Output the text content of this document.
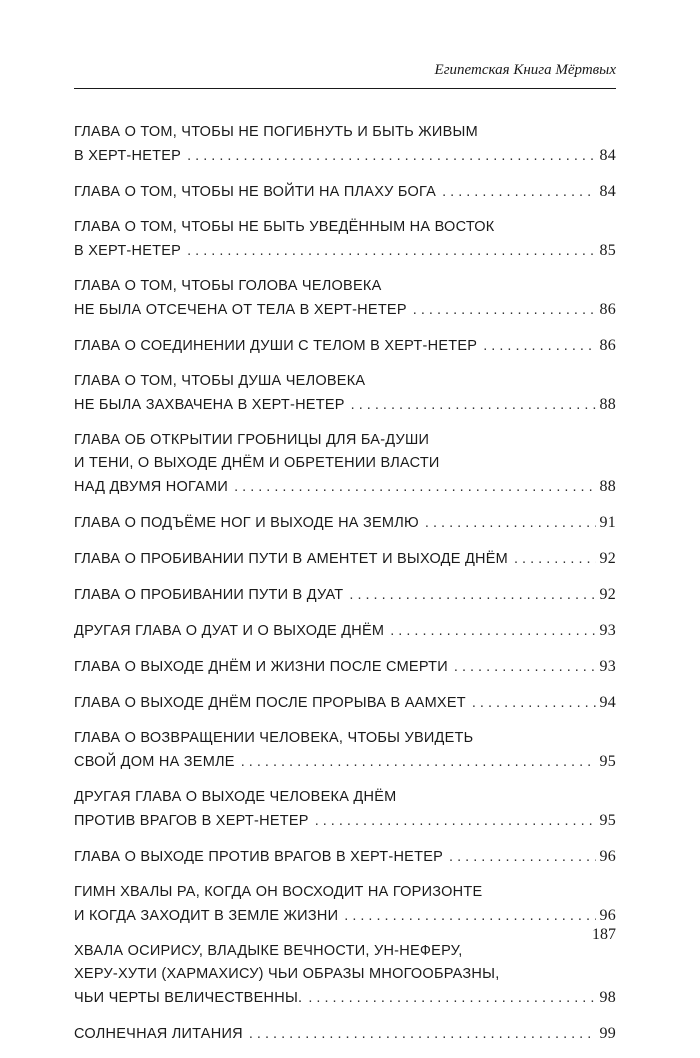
Египетская Книга Мёртвых
ГЛАВА О ТОМ, ЧТОБЫ НЕ ПОГИБНУТЬ И БЫТЬ ЖИВЫМ
В ХЕРТ-НЕТЕР . . .	84
ГЛАВА О ТОМ, ЧТОБЫ НЕ ВОЙТИ НА ПЛАХУ БОГА . . .	84
ГЛАВА О ТОМ, ЧТОБЫ НЕ БЫТЬ УВЕДЁННЫМ НА ВОСТОК
В ХЕРТ-НЕТЕР . . .	85
ГЛАВА О ТОМ, ЧТОБЫ ГОЛОВА ЧЕЛОВЕКА
НЕ БЫЛА ОТСЕЧЕНА ОТ ТЕЛА В ХЕРТ-НЕТЕР . . .	86
ГЛАВА О СОЕДИНЕНИИ ДУШИ С ТЕЛОМ В ХЕРТ-НЕТЕР . . .	86
ГЛАВА О ТОМ, ЧТОБЫ ДУША ЧЕЛОВЕКА
НЕ БЫЛА ЗАХВАЧЕНА В ХЕРТ-НЕТЕР . . .	88
ГЛАВА ОБ ОТКРЫТИИ ГРОБНИЦЫ ДЛЯ БА-ДУШИ
И ТЕНИ, О ВЫХОДЕ ДНЁМ И ОБРЕТЕНИИ ВЛАСТИ
НАД ДВУМЯ НОГАМИ . . .	88
ГЛАВА О ПОДЪЁМЕ НОГ И ВЫХОДЕ НА ЗЕМЛЮ . . .	91
ГЛАВА О ПРОБИВАНИИ ПУТИ В АМЕНТЕТ И ВЫХОДЕ ДНЁМ . . .	92
ГЛАВА О ПРОБИВАНИИ ПУТИ В ДУАТ . . .	92
ДРУГАЯ ГЛАВА О ДУАТ И О ВЫХОДЕ ДНЁМ . . .	93
ГЛАВА О ВЫХОДЕ ДНЁМ И ЖИЗНИ ПОСЛЕ СМЕРТИ . . .	93
ГЛАВА О ВЫХОДЕ ДНЁМ ПОСЛЕ ПРОРЫВА В ААМХЕТ . . .	94
ГЛАВА О ВОЗВРАЩЕНИИ ЧЕЛОВЕКА, ЧТОБЫ УВИДЕТЬ
СВОЙ ДОМ НА ЗЕМЛЕ . . .	95
ДРУГАЯ ГЛАВА О ВЫХОДЕ ЧЕЛОВЕКА ДНЁМ
ПРОТИВ ВРАГОВ В ХЕРТ-НЕТЕР . . .	95
ГЛАВА О ВЫХОДЕ ПРОТИВ ВРАГОВ В ХЕРТ-НЕТЕР . . .	96
ГИМН ХВАЛЫ РА, КОГДА ОН ВОСХОДИТ НА ГОРИЗОНТЕ
И КОГДА ЗАХОДИТ В ЗЕМЛЕ ЖИЗНИ . . .	96
ХВАЛА ОСИРИСУ, ВЛАДЫКЕ ВЕЧНОСТИ, УН-НЕФЕРУ,
ХЕРУ-ХУТИ (ХАРМАХИСУ) ЧЬИ ОБРАЗЫ МНОГООБРАЗНЫ,
ЧЬИ ЧЕРТЫ ВЕЛИЧЕСТВЕННЫ. . . .	98
СОЛНЕЧНАЯ ЛИТАНИЯ . . .	99
187
